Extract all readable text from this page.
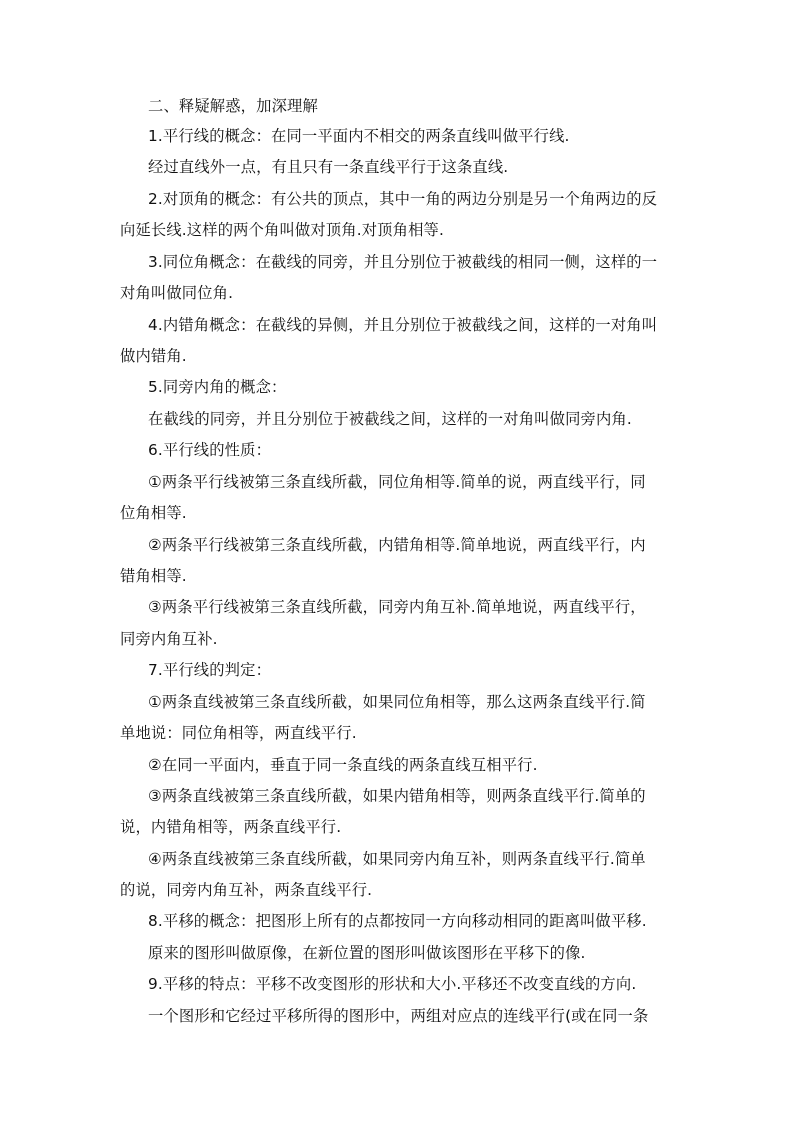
二、释疑解惑，加深理解
1.平行线的概念：在同一平面内不相交的两条直线叫做平行线.
经过直线外一点，有且只有一条直线平行于这条直线.
2.对顶角的概念：有公共的顶点，其中一角的两边分别是另一个角两边的反
向延长线.这样的两个角叫做对顶角.对顶角相等.
3.同位角概念：在截线的同旁，并且分别位于被截线的相同一侧，这样的一
对角叫做同位角.
4.内错角概念：在截线的异侧，并且分别位于被截线之间，这样的一对角叫
做内错角.
5.同旁内角的概念：
在截线的同旁，并且分别位于被截线之间，这样的一对角叫做同旁内角.
6.平行线的性质：
①两条平行线被第三条直线所截，同位角相等.简单的说，两直线平行，同
位角相等.
②两条平行线被第三条直线所截，内错角相等.简单地说，两直线平行，内
错角相等.
③两条平行线被第三条直线所截，同旁内角互补.简单地说，两直线平行，
同旁内角互补.
7.平行线的判定：
①两条直线被第三条直线所截，如果同位角相等，那么这两条直线平行.简
单地说：同位角相等，两直线平行.
②在同一平面内，垂直于同一条直线的两条直线互相平行.
③两条直线被第三条直线所截，如果内错角相等，则两条直线平行.简单的
说，内错角相等，两条直线平行.
④两条直线被第三条直线所截，如果同旁内角互补，则两条直线平行.简单
的说，同旁内角互补，两条直线平行.
8.平移的概念：把图形上所有的点都按同一方向移动相同的距离叫做平移.
原来的图形叫做原像，在新位置的图形叫做该图形在平移下的像.
9.平移的特点：平移不改变图形的形状和大小.平移还不改变直线的方向.
一个图形和它经过平移所得的图形中，两组对应点的连线平行(或在同一条
